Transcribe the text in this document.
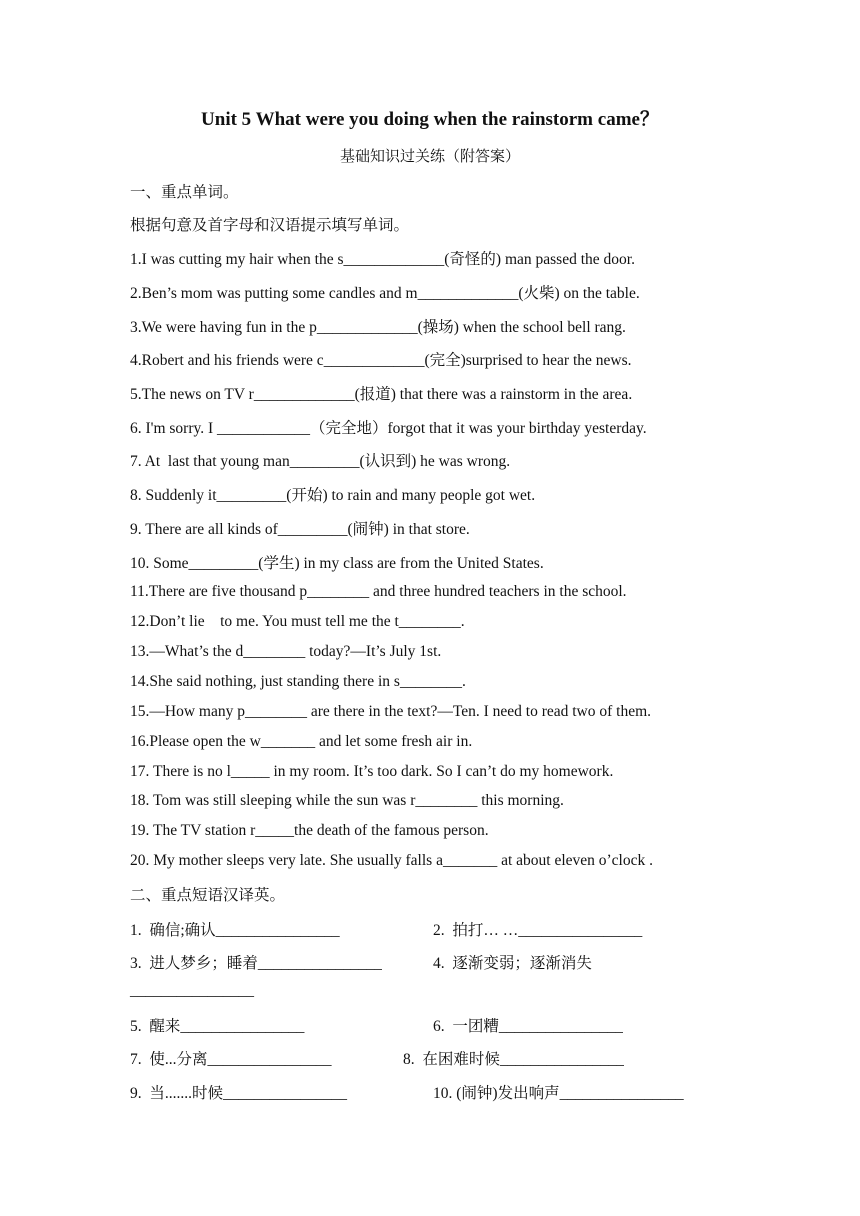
Unit 5 What were you doing when the rainstorm came？
基础知识过关练（附答案）
一、重点单词。
根据句意及首字母和汉语提示填写单词。
1.I was cutting my hair when the s_____________(奇怪的) man passed the door.
2.Ben’s mom was putting some candles and m_____________(火柴) on the table.
3.We were having fun in the p_____________(操场) when the school bell rang.
4.Robert and his friends were c_____________(完全)surprised to hear the news.
5.The news on TV r_____________(报道) that there was a rainstorm in the area.
6. I'm sorry. I ____________（完全地）forgot that it was your birthday yesterday.
7. At  last that young man_________(认识到) he was wrong.
8. Suddenly it_________(开始) to rain and many people got wet.
9. There are all kinds of_________(闹钟) in that store.
10. Some_________(学生) in my class are from the United States.
11.There are five thousand p________ and three hundred teachers in the school.
12.Don’t lie    to me. You must tell me the t________.
13.—What’s the d________ today?—It’s July 1st.
14.She said nothing, just standing there in s________.
15.—How many p________ are there in the text?—Ten. I need to read two of them.
16.Please open the w_______ and let some fresh air in.
17. There is no l_____ in my room. It’s too dark. So I can’t do my homework.
18. Tom was still sleeping while the sun was r________ this morning.
19. The TV station r_____the death of the famous person.
20. My mother sleeps very late. She usually falls a_______ at about eleven o’clock .
二、重点短语汉译英。
1.  确信;确认________________	2.  拍打… …________________
3.  进人梦乡；睡着________________	4.  逐渐变弱；逐渐消失
________________
5.  醒来________________	6.  一团糟________________
7.  使...分离________________	8.  在困难时候________________
9.  当.......时候________________	10. (闹钟)发出响声________________
